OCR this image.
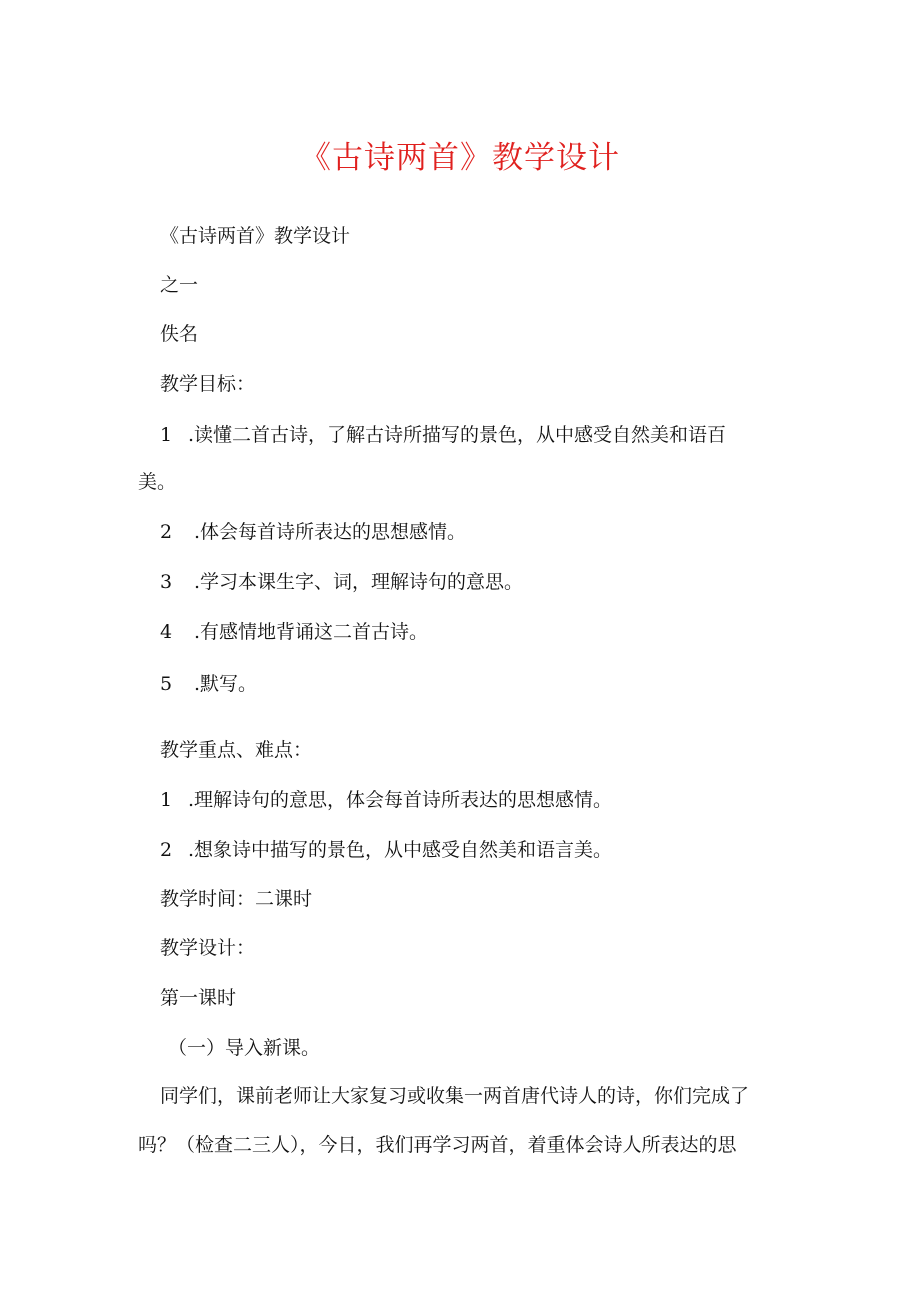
《古诗两首》教学设计

《古诗两首》教学设计

之一

佚名

教学目标：

1 .读懂二首古诗，了解古诗所描写的景色，从中感受自然美和语百

美。

2 .体会每首诗所表达的思想感情。

3 .学习本课生字、词，理解诗句的意思。

4 .有感情地背诵这二首古诗。

5 .默写。

教学重点、难点：

1 .理解诗句的意思，体会每首诗所表达的思想感情。

2 .想象诗中描写的景色，从中感受自然美和语言美。

教学时间：二课时

教学设计：

第一课时

（一）导入新课。

同学们，课前老师让大家复习或收集一两首唐代诗人的诗，你们完成了

吗？（检查二三人），今日，我们再学习两首，着重体会诗人所表达的思
